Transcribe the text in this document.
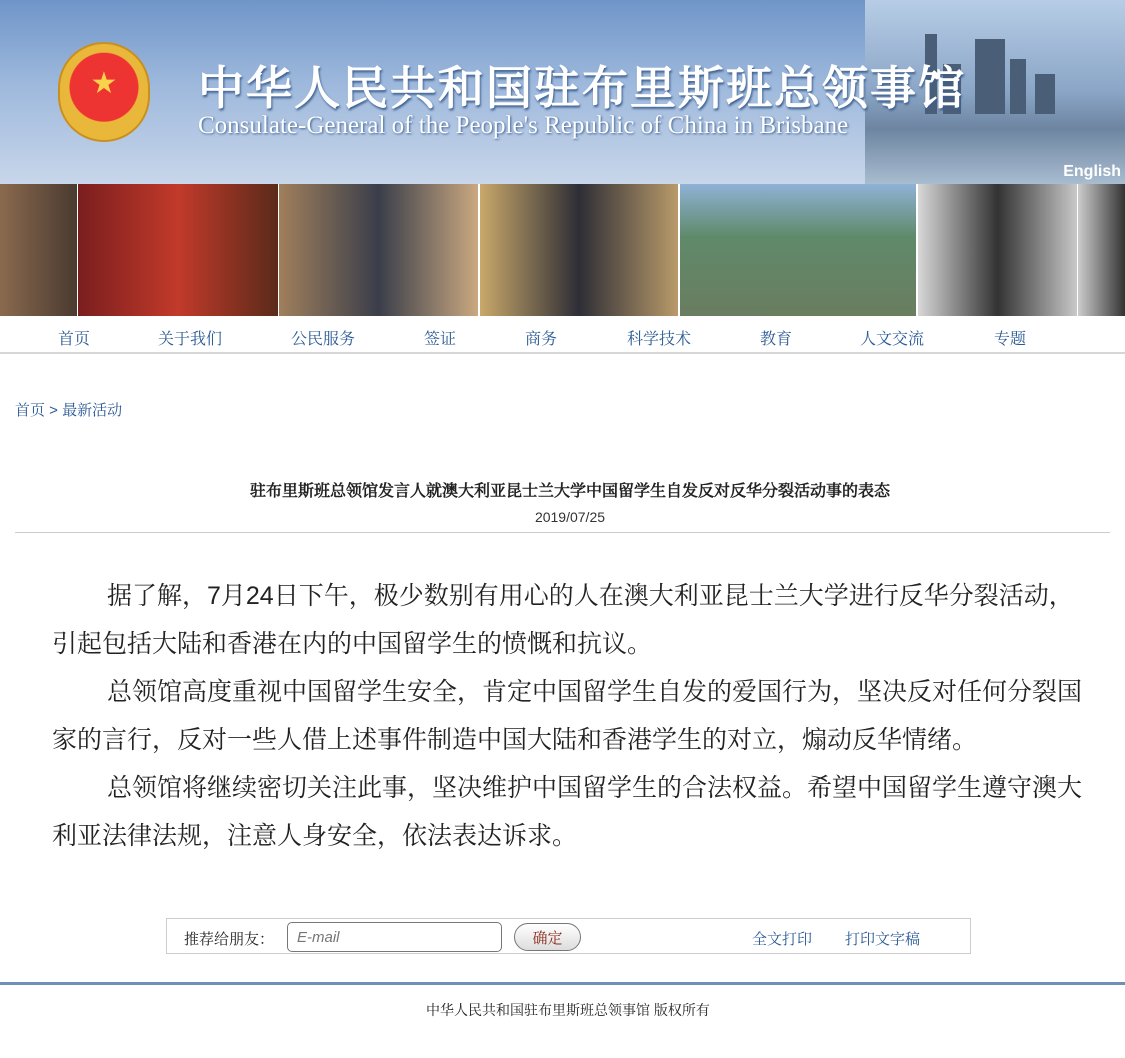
★	中华人民共和国驻布里斯班总领事馆
Consulate-General of the People's Republic of China in Brisbane
English
首页	关于我们	公民服务	签证	商务	科学技术	教育	人文交流	专题
首页 > 最新活动
驻布里斯班总领馆发言人就澳大利亚昆士兰大学中国留学生自发反对反华分裂活动事的表态
2019/07/25

据了解，7月24日下午，极少数别有用心的人在澳大利亚昆士兰大学进行反华分裂活动，引起包括大陆和香港在内的中国留学生的愤慨和抗议。

总领馆高度重视中国留学生安全，肯定中国留学生自发的爱国行为，坚决反对任何分裂国家的言行，反对一些人借上述事件制造中国大陆和香港学生的对立，煽动反华情绪。

总领馆将继续密切关注此事，坚决维护中国留学生的合法权益。希望中国留学生遵守澳大利亚法律法规，注意人身安全，依法表达诉求。

推荐给朋友：
E-mail	确定	全文打印 打印文字稿
中华人民共和国驻布里斯班总领事馆 版权所有
